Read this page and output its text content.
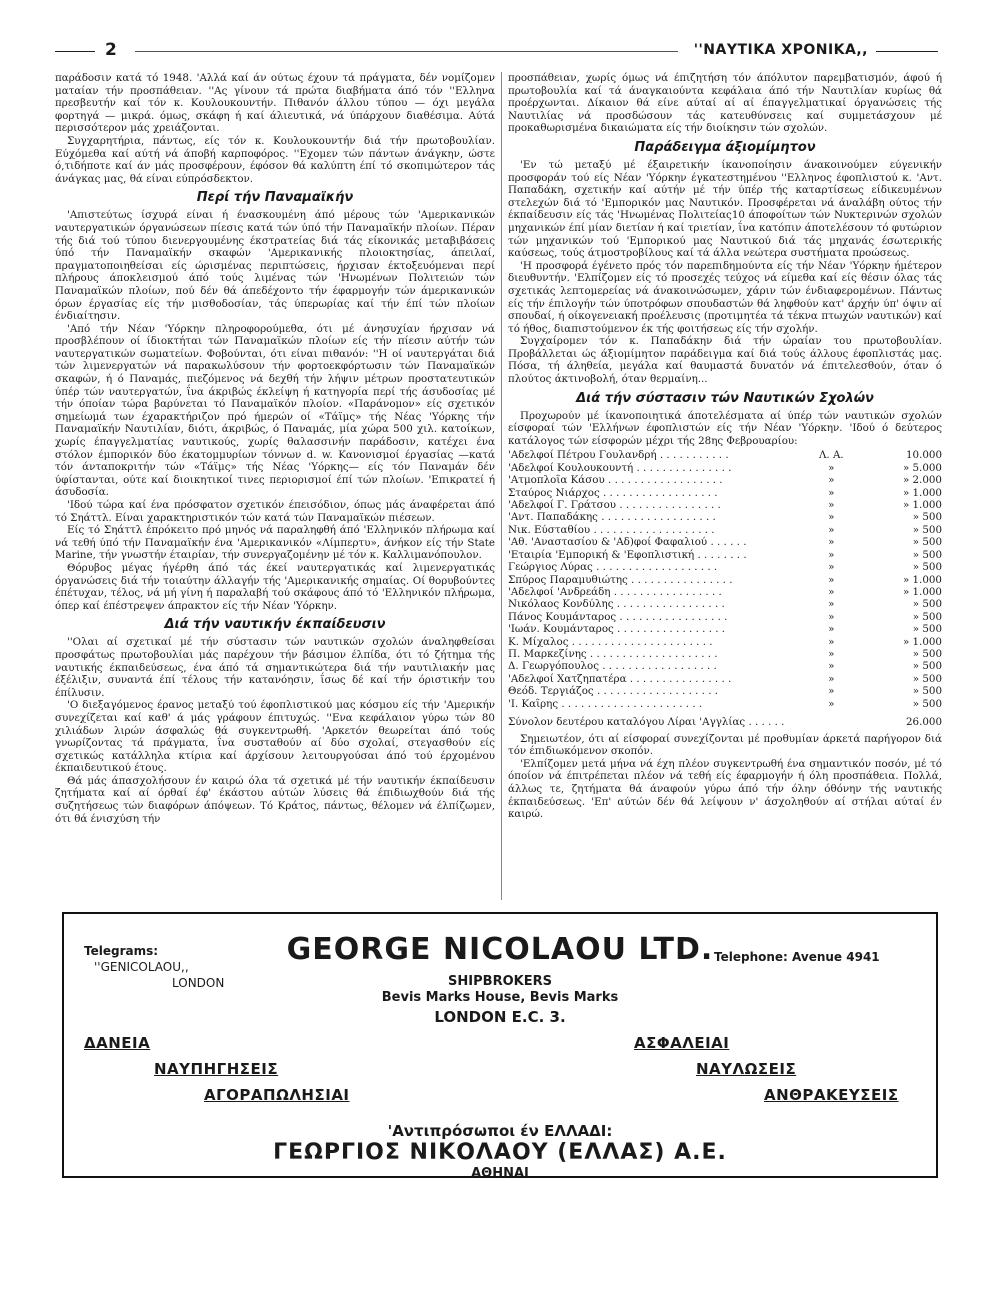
2	''ΝΑΥΤΙΚΑ ΧΡΟΝΙΚΑ,,

παράδοσιν κατά τό 1948. 'Αλλά καί άν ούτως έχουν τά πράγματα, δέν νομίζομεν ματαίαν τήν προσπάθειαν. ''Ας γίνουν τά πρώτα διαβήματα άπό τόν ''Ελληνα πρεσβευτήν καί τόν κ. Κουλουκουντήν. Πιθανόν άλλου τύπου — όχι μεγάλα φορτηγά — μικρά. όμως, σκάφη ή καί άλιευτικά, νά ύπάρχουν διαθέσιμα. Αύτά περισσότερον μάς χρειάζονται.

Συγχαρητήρια, πάντως, είς τόν κ. Κουλουκουντήν διά τήν πρωτοβουλίαν. Εύχόμεθα καί αύτή νά άποβή καρποφόρος. ''Εχομεν τών πάντων άνάγκην, ώστε ό,τιδήποτε καί άν μάς προσφέρουν, έφόσον θά καλύπτη έπί τό σκοπιμώτερον τάς άνάγκας μας, θά είναι εύπρόσδεκτον.

Περί τήν Παναμαϊκήν

'Απιστεύτως ίσχυρά είναι ή ένασκουμένη άπό μέρους τών 'Αμερικανικών ναυτεργατικών όργανώσεων πίεσις κατά τών ύπό τήν Παναμαϊκήν πλοίων. Πέραν τής διά τού τύπου διενεργουμένης έκστρατείας διά τάς είκονικάς μεταβιβάσεις ύπό τήν Παναμαϊκήν σκαφών 'Αμερικανικής πλοιοκτησίας, άπειλαί, πραγματοποιηθείσαι είς ώρισμένας περιπτώσεις, ήρχισαν έκτοξευόμεναι περί πλήρους άποκλεισμού άπό τούς λιμένας τών 'Ηνωμένων Πολιτειών τών Παναμαϊκών πλοίων, πού δέν θά άπεδέχοντο τήν έφαρμογήν τών άμερικανικών όρων έργασίας είς τήν μισθοδοσίαν, τάς ύπερωρίας καί τήν έπί τών πλοίων ένδιαίτησιν.

'Από τήν Νέαν 'Υόρκην πληροφορούμεθα, ότι μέ άνησυχίαν ήρχισαν νά προσβλέπουν οί ίδιοκτήται τών Παναμαϊκών πλοίων είς τήν πίεσιν αύτήν τών ναυτεργατικών σωματείων. Φοβούνται, ότι είναι πιθανόν: ''Η οί ναυτεργάται διά τών λιμενεργατών νά παρακωλύσουν τήν φορτοεκφόρτωσιν τών Παναμαϊκών σκαφών, ή ό Παναμάς, πιεζόμενος νά δεχθή τήν λήψιν μέτρων προστατευτικών ύπέρ τών ναυτεργατών, ΐνα άκριβώς έκλείψη ή κατηγορία περί τής άσυδοσίας μέ τήν όποίαν τώρα βαρύνεται τό Παναμαϊκόν πλοίον. «Παράνομον» είς σχετικόν σημείωμά των έχαρακτήριζον πρό ήμερών οί «Τάϊμς» τής Νέας 'Υόρκης τήν Παναμαϊκήν Ναυτιλίαν, διότι, άκριβώς, ό Παναμάς, μία χώρα 500 χιλ. κατοίκων, χωρίς έπαγγελματίας ναυτικούς, χωρίς θαλασσινήν παράδοσιν, κατέχει ένα στόλον έμπορικόν δύο έκατομμυρίων τόννων d. w. Κανονισμοί έργασίας —κατά τόν άνταποκριτήν τών «Τάϊμς» τής Νέας 'Υόρκης— είς τόν Παναμάν δέν ύφίστανται, ούτε καί διοικητικοί τινες περιορισμοί έπί τών πλοίων. 'Επικρατεί ή άσυδοσία.

'Ιδού τώρα καί ένα πρόσφατον σχετικόν έπεισόδιον, όπως μάς άναφέρεται άπό τό Σηάττλ. Είναι χαρακτηριστικόν τών κατά τών Παναμαϊκών πιέσεων.

Είς τό Σηάττλ έπρόκειτο πρό μηνός νά παραληφθή άπό 'Ελληνικόν πλήρωμα καί νά τεθή ύπό τήν Παναμαϊκήν ένα 'Αμερικανικόν «Λίμπερτυ», άνήκον είς τήν State Marine, τήν γνωστήν έταιρίαν, τήν συνεργαζομένην μέ τόν κ. Καλλιμανόπουλον.

Θόρυβος μέγας ήγέρθη άπό τάς έκεί ναυτεργατικάς καί λιμενεργατικάς όργανώσεις διά τήν τοιαύτην άλλαγήν τής 'Αμερικανικής σημαίας. Οί θορυβούντες έπέτυχαν, τέλος, νά μή γίνη ή παραλαβή τού σκάφους άπό τό 'Ελληνικόν πλήρωμα, όπερ καί έπέστρεψεν άπρακτον είς τήν Νέαν 'Υόρκην.

Διά τήν ναυτικήν έκπαίδευσιν

''Ολαι αί σχετικαί μέ τήν σύστασιν τών ναυτικών σχολών άναληφθείσαι προσφάτως πρωτοβουλίαι μάς παρέχουν τήν βάσιμον έλπίδα, ότι τό ζήτημα τής ναυτικής έκπαιδεύσεως, ένα άπό τά σημαντικώτερα διά τήν ναυτιλιακήν μας έξέλιξιν, συναντά έπί τέλους τήν κατανόησιν, ΐσως δέ καί τήν όριστικήν του έπίλυσιν.

'Ο διεξαγόμενος έρανος μεταξύ τού έφοπλιστικού μας κόσμου είς τήν 'Αμερικήν συνεχίζεται καί καθ' ά μάς γράφουν έπιτυχώς. ''Ενα κεφάλαιον γύρω τών 80 χιλιάδων λιρών άσφαλώς θά συγκεντρωθή. 'Αρκετόν θεωρείται άπό τούς γνωρίζοντας τά πράγματα, ΐνα συσταθούν αί δύο σχολαί, στεγασθούν είς σχετικώς κατάλληλα κτίρια καί άρχίσουν λειτουργούσαι άπό τού έρχομένου έκπαιδευτικού έτους.

Θά μάς άπασχολήσουν έν καιρώ όλα τά σχετικά μέ τήν ναυτικήν έκπαίδευσιν ζητήματα καί αί όρθαί έφ' έκάστου αύτών λύσεις θά έπιδιωχθούν διά τής συζητήσεως τών διαφόρων άπόψεων. Τό Κράτος, πάντως, θέλομεν νά έλπίζωμεν, ότι θά ένισχύση τήν

προσπάθειαν, χωρίς όμως νά έπιζητήση τόν άπόλυτον παρεμβατισμόν, άφού ή πρωτοβουλία καί τά άναγκαιούντα κεφάλαια άπό τήν Ναυτιλίαν κυρίως θά προέρχωνται. Δίκαιον θά είνε αύταί αί αί έπαγγελματικαί όργανώσεις τής Ναυτιλίας νά προσδώσουν τάς κατευθύνσεις καί συμμετάσχουν μέ προκαθωρισμένα δικαιώματα είς τήν διοίκησιν τών σχολών.

Παράδειγμα άξιομίμητον

'Εν τώ μεταξύ μέ έξαιρετικήν ίκανοποίησιν άνακοινούμεν εύγενικήν προσφοράν τού είς Νέαν 'Υόρκην έγκατεστημένου ''Ελληνος έφοπλιστού κ. 'Αντ. Παπαδάκη, σχετικήν καί αύτήν μέ τήν ύπέρ τής καταρτίσεως είδικευμένων στελεχών διά τό 'Εμπορικόν μας Ναυτικόν. Προσφέρεται νά άναλάβη ούτος τήν έκπαίδευσιν είς τάς 'Ηνωμένας Πολιτείας10 άποφοίτων τών Νυκτερινών σχολών μηχανικών έπί μίαν διετίαν ή καί τριετίαν, ΐνα κατόπιν άποτελέσουν τό φυτώριον τών μηχανικών τού 'Εμπορικού μας Ναυτικού διά τάς μηχανάς έσωτερικής καύσεως, τούς άτμοστροβίλους καί τά άλλα νεώτερα συστήματα προώσεως.

'Η προσφορά έγένετο πρός τόν παρεπιδημούντα είς τήν Νέαν 'Υόρκην ήμέτερον διευθυντήν. 'Ελπίζομεν είς τό προσεχές τεύχος νά είμεθα καί είς θέσιν όλας τάς σχετικάς λεπτομερείας νά άνακοινώσωμεν, χάριν τών ένδιαφερομένων. Πάντως είς τήν έπιλογήν τών ύποτρόφων σπουδαστών θά ληφθούν κατ' άρχήν ύπ' όψιν αί σπουδαί, ή οίκογενειακή προέλευσις (προτιμητέα τά τέκνα πτωχών ναυτικών) καί τό ήθος, διαπιστούμενον έκ τής φοιτήσεως είς τήν σχολήν.

Συγχαίρομεν τόν κ. Παπαδάκην διά τήν ώραίαν του πρωτοβουλίαν. Προβάλλεται ώς άξιομίμητον παράδειγμα καί διά τούς άλλους έφοπλιστάς μας. Πόσα, τή άληθεία, μεγάλα καί θαυμαστά δυνατόν νά έπιτελεσθούν, όταν ό πλούτος άκτινοβολή, όταν θερμαίνη...

Διά τήν σύστασιν τών Ναυτικών Σχολών

Προχωρούν μέ ίκανοποιητικά άποτελέσματα αί ύπέρ τών ναυτικών σχολών είσφοραί τών 'Ελλήνων έφοπλιστών είς τήν Νέαν 'Υόρκην. 'Ιδού ό δεύτερος κατάλογος τών είσφορών μέχρι τής 28ης Φεβρουαρίου:

'Αδελφοί Πέτρου Γουλανδρή . . . . . . . . . . .	Λ. Α.	10.000
'Αδελφοί Κουλουκουντή . . . . . . . . . . . . . . .	»	» 5.000
'Ατμοπλοΐα Κάσου . . . . . . . . . . . . . . . . . .	»	» 2.000
Σταύρος Νιάρχος . . . . . . . . . . . . . . . . . .	»	» 1.000
'Αδελφοί Γ. Γράτσου . . . . . . . . . . . . . . . .	»	» 1.000
'Αντ. Παπαδάκης . . . . . . . . . . . . . . . . . .	»	» 500
Νικ. Εύσταθίου . . . . . . . . . . . . . . . . . . .	»	» 500
'Αθ. 'Αναστασίου & 'Αδ)φοί Φαφαλιού . . . . . .	»	» 500
'Εταιρία 'Εμπορική & 'Εφοπλιστική . . . . . . . .	»	» 500
Γεώργιος Λύρας . . . . . . . . . . . . . . . . . . .	»	» 500
Σπύρος Παραμυθιώτης . . . . . . . . . . . . . . . .	»	» 1.000
'Αδελφοί 'Ανδρεάδη . . . . . . . . . . . . . . . . .	»	» 1.000
Νικόλαος Κονδύλης . . . . . . . . . . . . . . . . .	»	» 500
Πάνος Κουμάνταρος . . . . . . . . . . . . . . . . .	»	» 500
'Ιωάν. Κουμάνταρος . . . . . . . . . . . . . . . . .	»	» 500
Κ. Μίχαλος . . . . . . . . . . . . . . . . . . . . . .	»	» 1.000
Π. Μαρκεζίνης . . . . . . . . . . . . . . . . . . . .	»	» 500
Δ. Γεωργόπουλος . . . . . . . . . . . . . . . . . .	»	» 500
'Αδελφοί Χατζηπατέρα . . . . . . . . . . . . . . . .	»	» 500
Θεόδ. Τεργιάζος . . . . . . . . . . . . . . . . . . .	»	» 500
'Ι. Καΐρης . . . . . . . . . . . . . . . . . . . . . .	»	» 500
Σύνολον δευτέρου καταλόγου Λίραι 'Αγγλίας . . . . . .	26.000

Σημειωτέον, ότι αί είσφοραί συνεχίζονται μέ προθυμίαν άρκετά παρήγορον διά τόν έπιδιωκόμενον σκοπόν.

'Ελπίζομεν μετά μήνα νά έχη πλέον συγκεντρωθή ένα σημαντικόν ποσόν, μέ τό όποίον νά έπιτρέπεται πλέον νά τεθή είς έφαρμογήν ή όλη προσπάθεια. Πολλά, άλλως τε, ζητήματα θά άναφούν γύρω άπό τήν όλην όθόνην τής ναυτικής έκπαιδεύσεως. 'Επ' αύτών δέν θά λείψουν ν' άσχοληθούν αί στήλαι αύταί έν καιρώ.

Telegrams:
''GENICOLAOU,,
LONDON
GEORGE NICOLAOU LTD. Telephone: Avenue 4941
SHIPBROKERS
Bevis Marks House, Bevis Marks
LONDON E.C. 3.
ΔΑΝΕΙΑ	ΑΣΦΑΛΕΙΑΙ
ΝΑΥΠΗΓΗΣΕΙΣ	ΝΑΥΛΩΣΕΙΣ
ΑΓΟΡΑΠΩΛΗΣΙΑΙ	ΑΝΘΡΑΚΕΥΣΕΙΣ
'Αντιπρόσωποι έν ΕΛΛΑΔΙ:
ΓΕΩΡΓΙΟΣ ΝΙΚΟΛΑΟΥ (ΕΛΛΑΣ) Α.Ε.
ΑΘΗΝΑΙ
